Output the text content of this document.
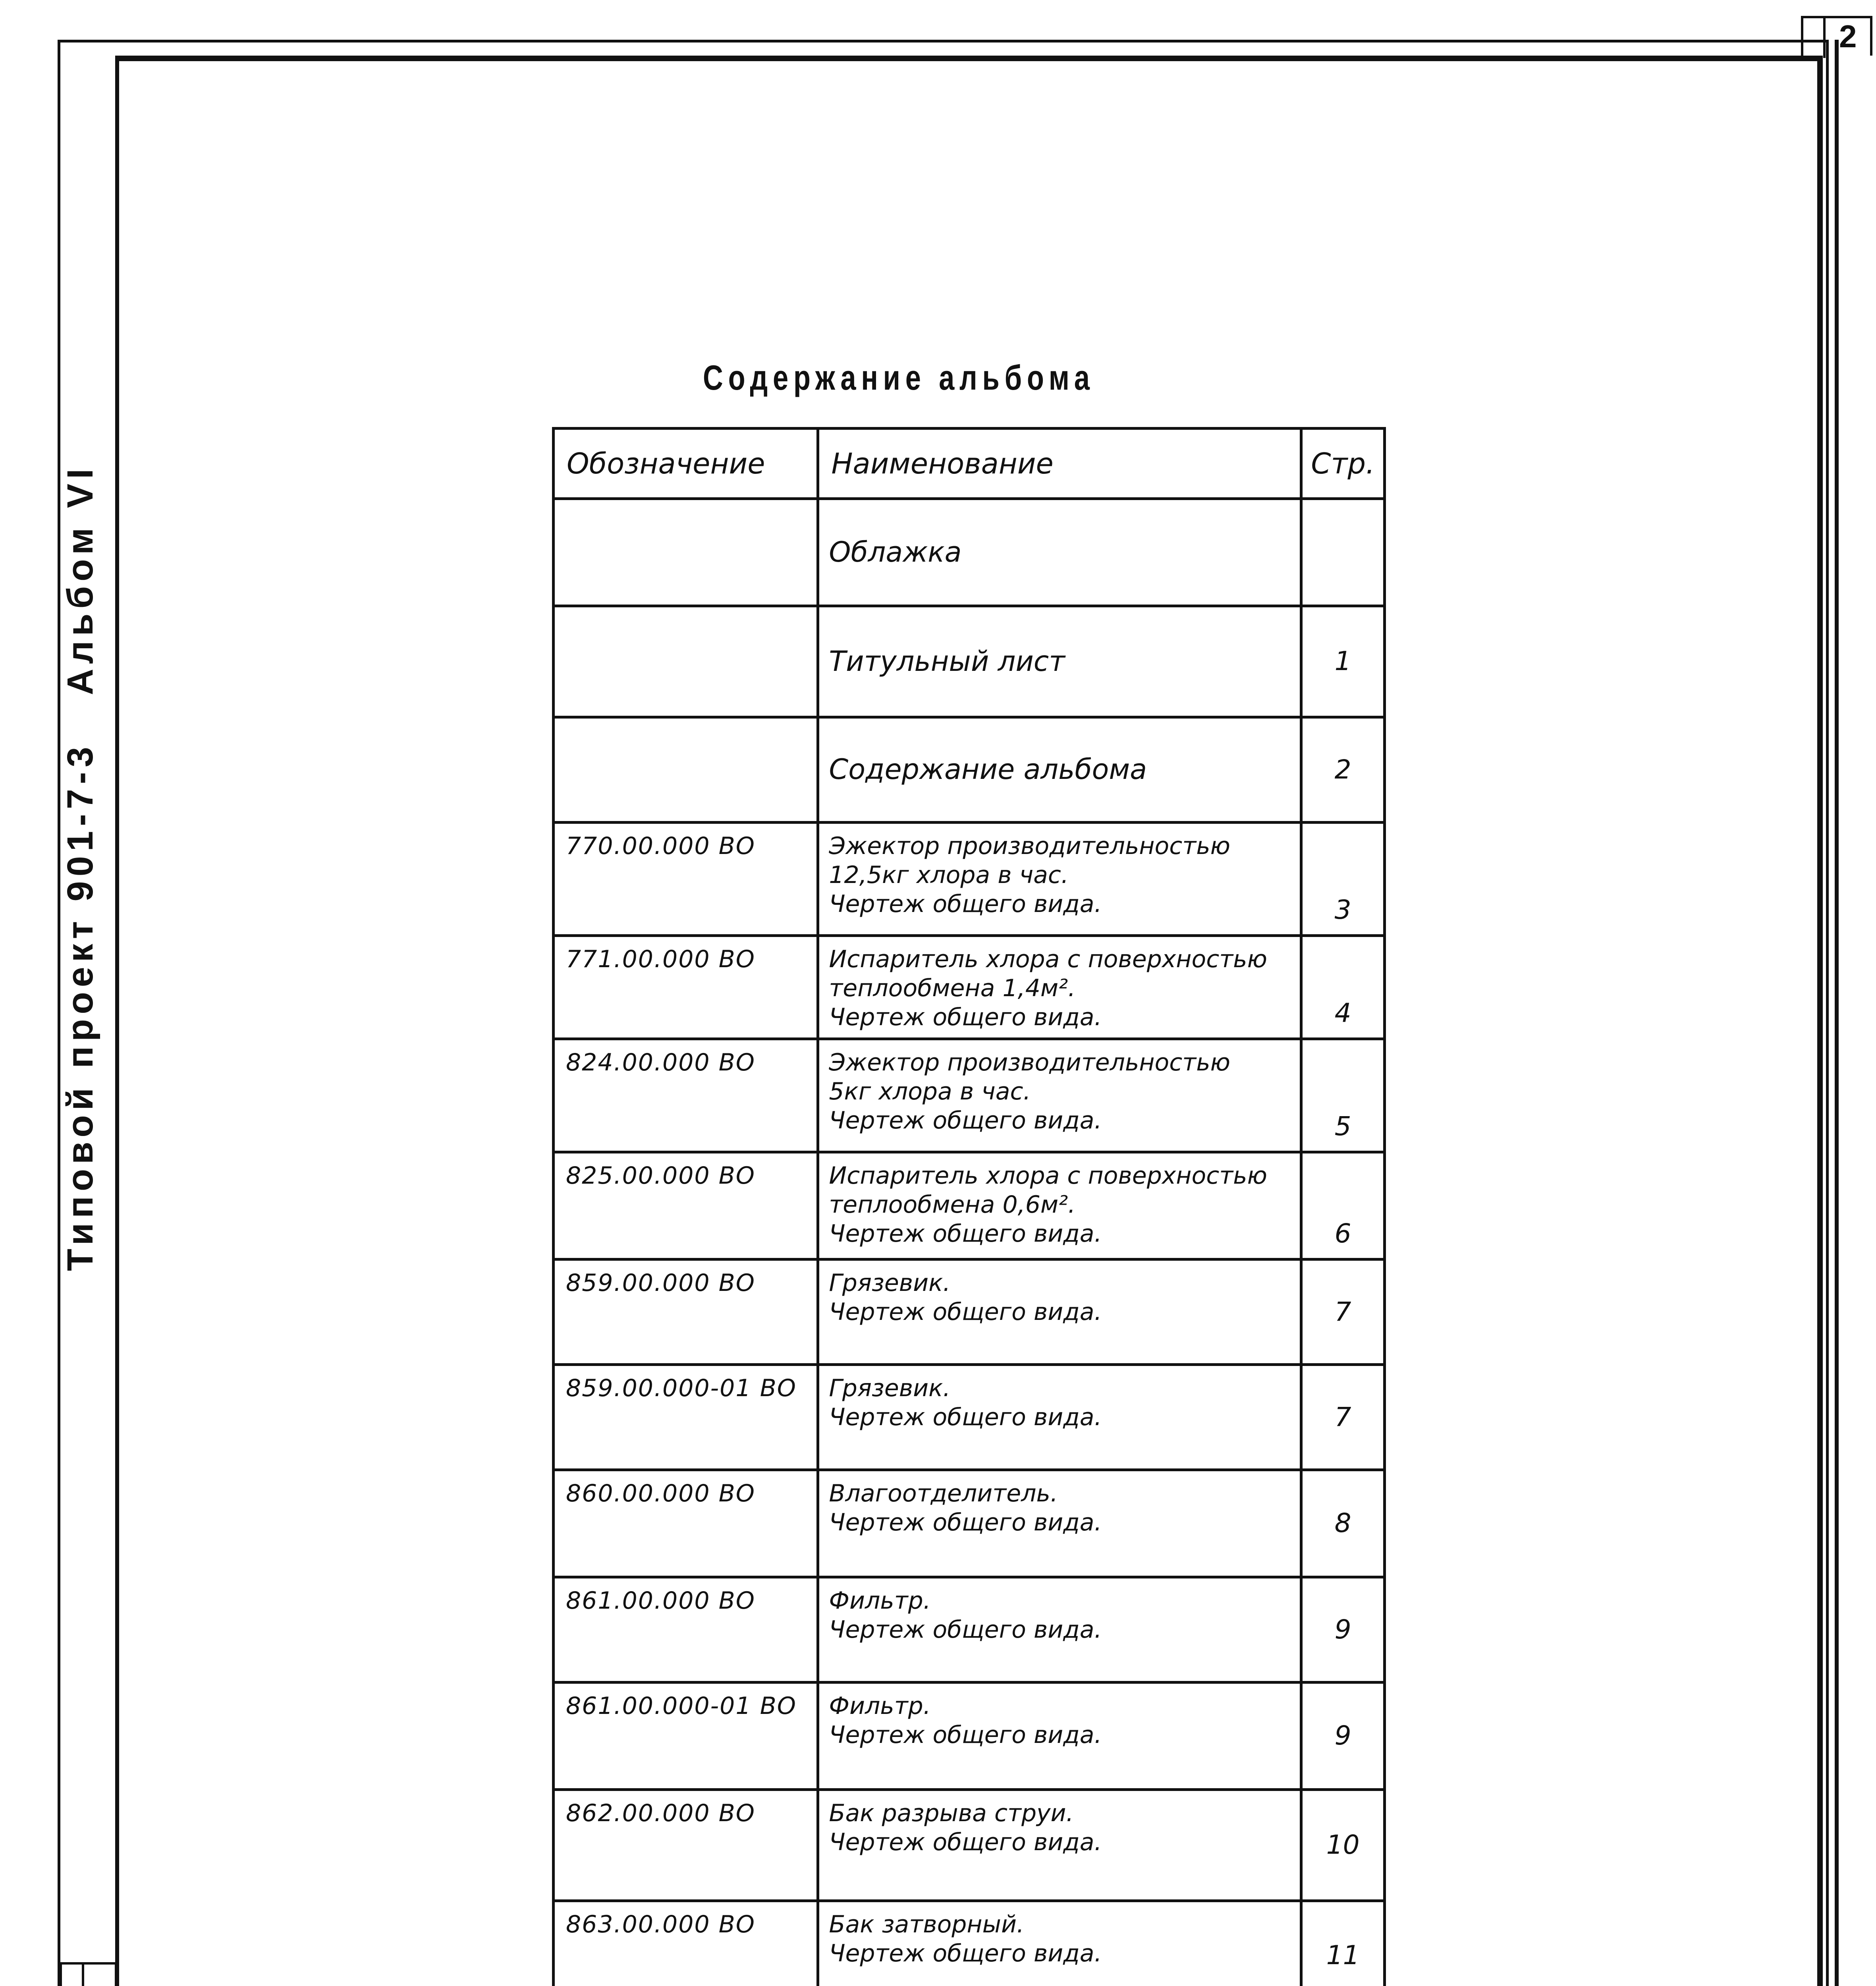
2
Типовой проект 901-7-3
Альбом VI
Содержание альбома
Обозначение	Наименование	Стр.

	Облажка	

	Титульный лист	1

	Содержание альбома	2
770.00.000 ВО	Эжектор производительностью
12,5кг хлора в час.
Чертеж общего вида.	3
771.00.000 ВО	Испаритель хлора с поверхностью
теплообмена 1,4м².
Чертеж общего вида.	4
824.00.000 ВО	Эжектор производительностью
5кг хлора в час.
Чертеж общего вида.	5
825.00.000 ВО	Испаритель хлора с поверхностью
теплообмена 0,6м².
Чертеж общего вида.	6
859.00.000 ВО	Грязевик.
Чертеж общего вида.	7
859.00.000-01 ВО	Грязевик.
Чертеж общего вида.	7
860.00.000 ВО	Влагоотделитель.
Чертеж общего вида.	8
861.00.000 ВО	Фильтр.
Чертеж общего вида.	9
861.00.000-01 ВО	Фильтр.
Чертеж общего вида.	9
862.00.000 ВО	Бак разрыва струи.
Чертеж общего вида.	10
863.00.000 ВО	Бак затворный.
Чертеж общего вида.	11
